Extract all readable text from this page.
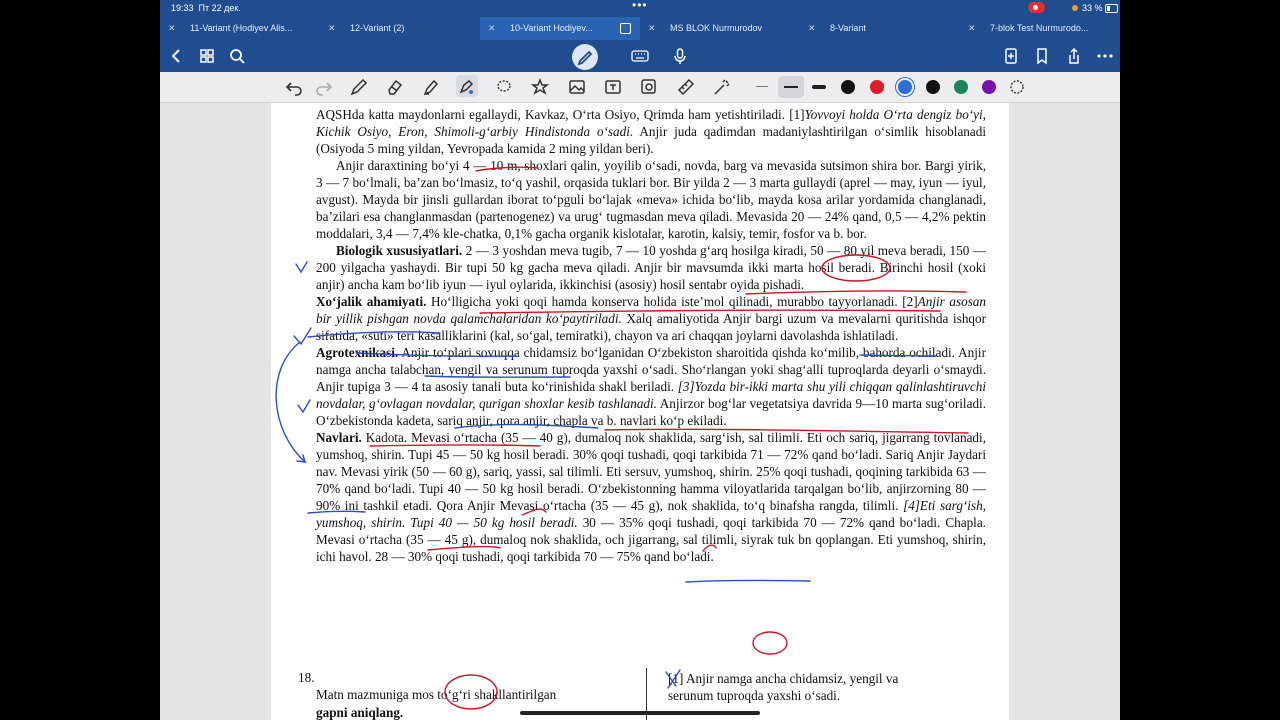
19:33 Пт 22 дек.	•••	33 %
✕ 11-Variant (Hodiyev Alis...	✕ 12-Variant (2)	✕ 10-Variant Hodiyev...	✕ MS BLOK Nurmurodov	✕ 8-Variant	✕ 7-blok Test Nurmurodo...

AQSHda katta maydonlarni egallaydi, Kavkaz, O‘rta Osiyo, Qrimda ham yetishtiriladi. [1]Yovvoyi holda O‘rta dengiz bo‘yi, Kichik Osiyo, Eron, Shimoli-g‘arbiy Hindistonda o‘sadi. Anjir juda qadimdan madaniylashtirilgan o‘simlik hisoblanadi (Osiyoda 5 ming yildan, Yevropada kamida 2 ming yildan beri).

Anjir daraxtining bo‘yi 4 — 10 m, shoxlari qalin, yoyilib o‘sadi, novda, barg va mevasida sutsimon shira bor. Bargi yirik, 3 — 7 bo‘lmali, ba’zan bo‘lmasiz, to‘q yashil, orqasida tuklari bor. Bir yilda 2 — 3 marta gullaydi (aprel — may, iyun — iyul, avgust). Mayda bir jinsli gullardan iborat to‘pguli bo‘lajak «meva» ichida bo‘lib, mayda kosa arilar yordamida changlanadi, ba’zilari esa changlanmasdan (partenogenez) va urug‘ tugmasdan meva qiladi. Mevasida 20 — 24% qand, 0,5 — 4,2% pektin moddalari, 3,4 — 7,4% kle-chatka, 0,1% gacha organik kislotalar, karotin, kalsiy, temir, fosfor va b. bor.

Biologik xususiyatlari. 2 — 3 yoshdan meva tugib, 7 — 10 yoshda g‘arq hosilga kiradi, 50 — 80 yil meva beradi, 150 — 200 yilgacha yashaydi. Bir tupi 50 kg gacha meva qiladi. Anjir bir mavsumda ikki marta hosil beradi. Birinchi hosil (xoki anjir) ancha kam bo‘lib iyun — iyul oylarida, ikkinchisi (asosiy) hosil sentabr oyida pishadi.

Xo‘jalik ahamiyati. Ho‘lligicha yoki qoqi hamda konserva holida iste’mol qilinadi, murabbo tayyorlanadi. [2]Anjir asosan bir yillik pishgan novda qalamchalaridan ko‘paytiriladi. Xalq amaliyotida Anjir bargi uzum va mevalarni quritishda ishqor sifatida, «suti» teri kasalliklarini (kal, so‘gal, temiratki), chayon va ari chaqqan joylarni davolashda ishlatiladi.

Agrotexnikasi. Anjir to‘plari sovuqqa chidamsiz bo‘lganidan O‘zbekiston sharoitida qishda ko‘milib, bahorda ochiladi. Anjir namga ancha talabchan, yengil va serunum tuproqda yaxshi o‘sadi. Sho‘rlangan yoki shag‘alli tuproqlarda deyarli o‘smaydi. Anjir tupiga 3 — 4 ta asosiy tanali buta ko‘rinishida shakl beriladi. [3]Yozda bir-ikki marta shu yili chiqqan qalinlashtiruvchi novdalar, g‘ovlagan novdalar, qurigan shoxlar kesib tashlanadi. Anjirzor bog‘lar vegetatsiya davrida 9—10 marta sug‘oriladi. O‘zbekistonda kadeta, sariq anjir, qora anjir, chapla va b. navlari ko‘p ekiladi.

Navlari. Kadota. Mevasi o‘rtacha (35 — 40 g), dumaloq nok shaklida, sarg‘ish, sal tilimli. Eti och sariq, jigarrang tovlanadi, yumshoq, shirin. Tupi 45 — 50 kg hosil beradi. 30% qoqi tushadi, qoqi tarkibida 71 — 72% qand bo‘ladi. Sariq Anjir Jaydari nav. Mevasi yirik (50 — 60 g), sariq, yassi, sal tilimli. Eti sersuv, yumshoq, shirin. 25% qoqi tushadi, qoqining tarkibida 63 — 70% qand bo‘ladi. Tupi 40 — 50 kg hosil beradi. O‘zbekistonning hamma viloyatlarida tarqalgan bo‘lib, anjirzorning 80 — 90% ini tashkil etadi. Qora Anjir Mevasi o‘rtacha (35 — 45 g), nok shaklida, to‘q binafsha rangda, tilimli. [4]Eti sarg‘ish, yumshoq, shirin. Tupi 40 — 50 kg hosil beradi. 30 — 35% qoqi tushadi, qoqi tarkibida 70 — 72% qand bo‘ladi. Chapla. Mevasi o‘rtacha (35 — 45 g), dumaloq nok shaklida, och jigarrang, sal tilimli, siyrak tuk bn qoplangan. Eti yumshoq, shirin, ichi havol. 28 — 30% qoqi tushadi, qoqi tarkibida 70 — 75% qand bo‘ladi.

18.
Matn mazmuniga mos to‘g‘ri shakllantirilgan
gapni aniqlang.
[1] Anjir namga ancha chidamsiz, yengil va
serunum tuproqda yaxshi o‘sadi.
